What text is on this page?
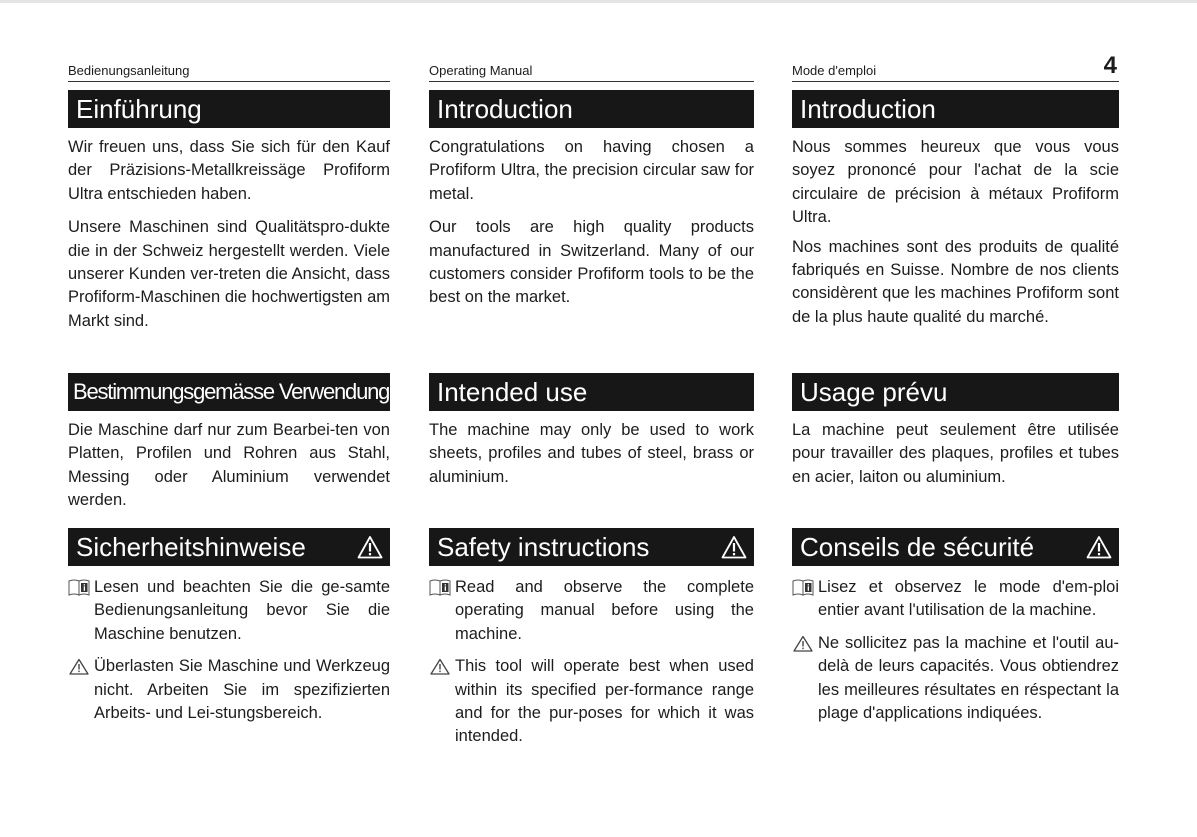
Bedienungsanleitung
Einführung

Wir freuen uns, dass Sie sich für den Kauf der Präzisions-Metallkreissäge Profiform Ultra entschieden haben.

Unsere Maschinen sind Qualitätspro-dukte die in der Schweiz hergestellt werden. Viele unserer Kunden ver-treten die Ansicht, dass Profiform-Maschinen die hochwertigsten am Markt sind.

Bestimmungsgemässe Verwendung

Die Maschine darf nur zum Bearbei-ten von Platten, Profilen und Rohren aus Stahl, Messing oder Aluminium verwendet werden.

Sicherheitshinweise

Lesen und beachten Sie die ge-samte Bedienungsanleitung bevor Sie die Maschine benutzen.

Überlasten Sie Maschine und Werkzeug nicht. Arbeiten Sie im spezifizierten Arbeits- und Lei-stungsbereich.

Operating Manual
Introduction

Congratulations on having chosen a Profiform Ultra, the precision circular saw for metal.

Our tools are high quality products manufactured in Switzerland. Many of our customers consider Profiform tools to be the best on the market.

Intended use

The machine may only be used to work sheets, profiles and tubes of steel, brass or aluminium.

Safety instructions

Read and observe the complete operating manual before using the machine.

This tool will operate best when used within its specified per-formance range and for the pur-poses for which it was intended.

Mode d'emploi	4
Introduction

Nous sommes heureux que vous vous soyez prononcé pour l'achat de la scie circulaire de précision à métaux Profiform Ultra.

Nos machines sont des produits de qualité fabriqués en Suisse. Nombre de nos clients considèrent que les machines Profiform sont de la plus haute qualité du marché.

Usage prévu

La machine peut seulement être utilisée pour travailler des plaques, profiles et tubes en acier, laiton ou aluminium.

Conseils de sécurité

Lisez et observez le mode d'em-ploi entier avant l'utilisation de la machine.

Ne sollicitez pas la machine et l'outil au-delà de leurs capacités. Vous obtiendrez les meilleures résultates en réspectant la plage d'applications indiquées.
